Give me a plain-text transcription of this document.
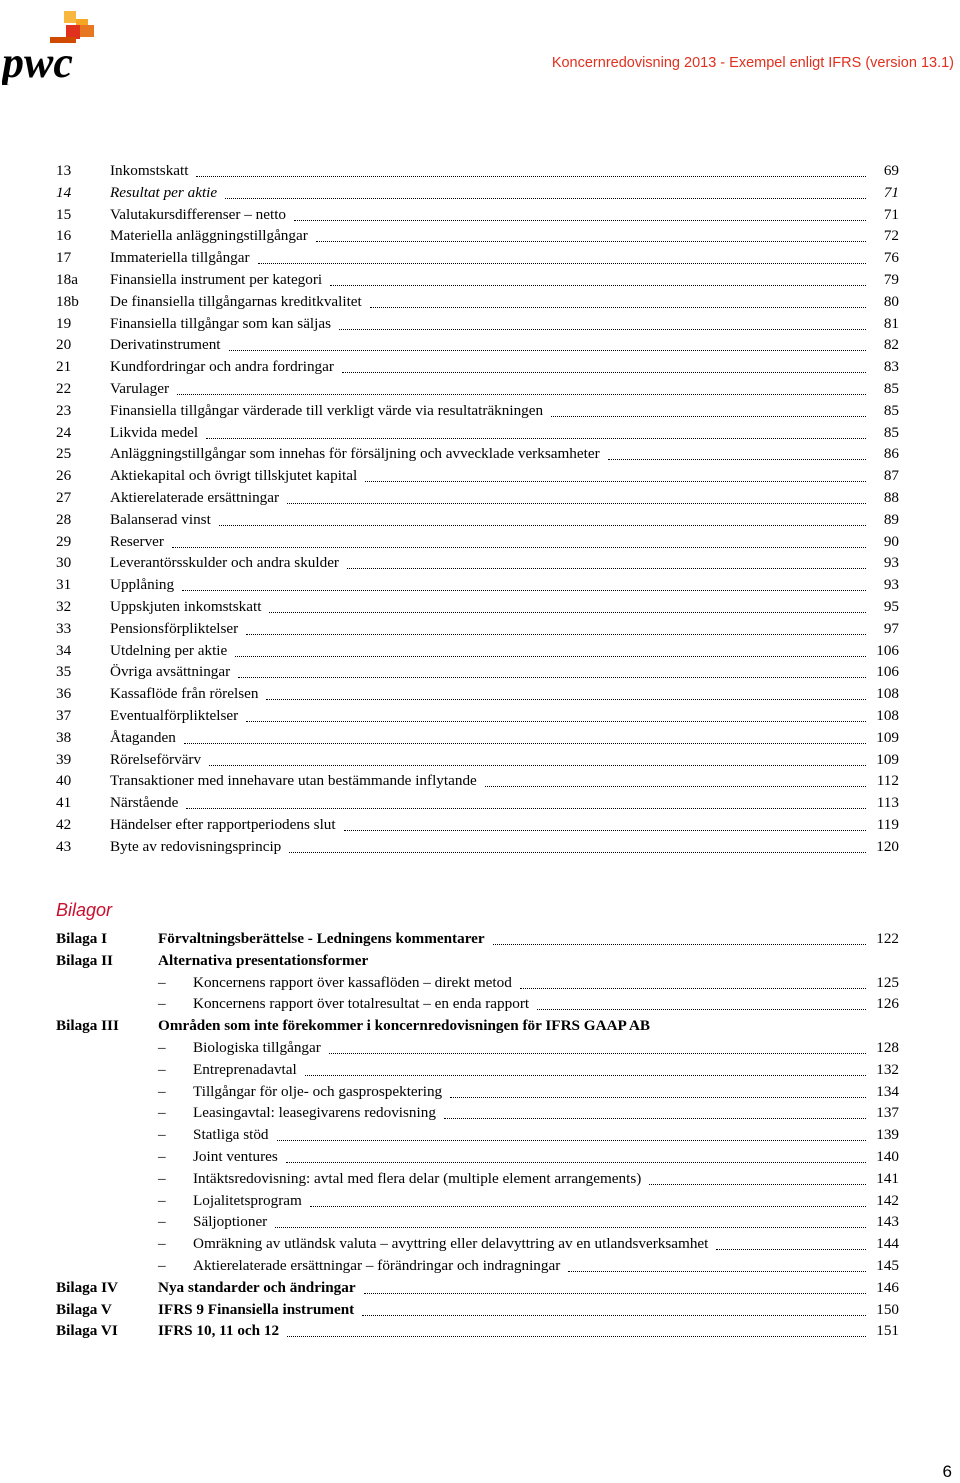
pwc	Koncernredovisning 2013 - Exempel enligt IFRS (version 13.1)
13	Inkomstskatt	69
14	Resultat per aktie	71
15	Valutakursdifferenser – netto	71
16	Materiella anläggningstillgångar	72
17	Immateriella tillgångar	76
18a Finansiella instrument per kategori	79
18b De finansiella tillgångarnas kreditkvalitet	80
19	Finansiella tillgångar som kan säljas	81
20	Derivatinstrument	82
21	Kundfordringar och andra fordringar	83
22	Varulager	85
23	Finansiella tillgångar värderade till verkligt värde via resultaträkningen	85
24	Likvida medel	85
25	Anläggningstillgångar som innehas för försäljning och avvecklade verksamheter	86
26	Aktiekapital och övrigt tillskjutet kapital	87
27	Aktierelaterade ersättningar	88
28	Balanserad vinst	89
29	Reserver	90
30	Leverantörsskulder och andra skulder	93
31	Upplåning	93
32	Uppskjuten inkomstskatt	95
33	Pensionsförpliktelser	97
34	Utdelning per aktie	106
35	Övriga avsättningar	106
36	Kassaflöde från rörelsen	108
37	Eventualförpliktelser	108
38	Åtaganden	109
39	Rörelseförvärv	109
40	Transaktioner med innehavare utan bestämmande inflytande	112
41	Närstående	113
42	Händelser efter rapportperiodens slut	119
43	Byte av redovisningsprincip	120
Bilagor
Bilaga I	Förvaltningsberättelse - Ledningens kommentarer	122
Bilaga II	Alternativa presentationsformer
– Koncernens rapport över kassaflöden – direkt metod	125
– Koncernens rapport över totalresultat – en enda rapport	126
Bilaga III	Områden som inte förekommer i koncernredovisningen för IFRS GAAP AB
– Biologiska tillgångar	128
– Entreprenadavtal	132
– Tillgångar för olje- och gasprospektering	134
– Leasingavtal: leasegivarens redovisning	137
– Statliga stöd	139
– Joint ventures	140
– Intäktsredovisning: avtal med flera delar (multiple element arrangements)	141
– Lojalitetsprogram	142
– Säljoptioner	143
– Omräkning av utländsk valuta – avyttring eller delavyttring av en utlandsverksamhet	144
– Aktierelaterade ersättningar – förändringar och indragningar	145
Bilaga IV	Nya standarder och ändringar	146
Bilaga V	IFRS 9 Finansiella instrument	150
Bilaga VI	IFRS 10, 11 och 12	151
6
